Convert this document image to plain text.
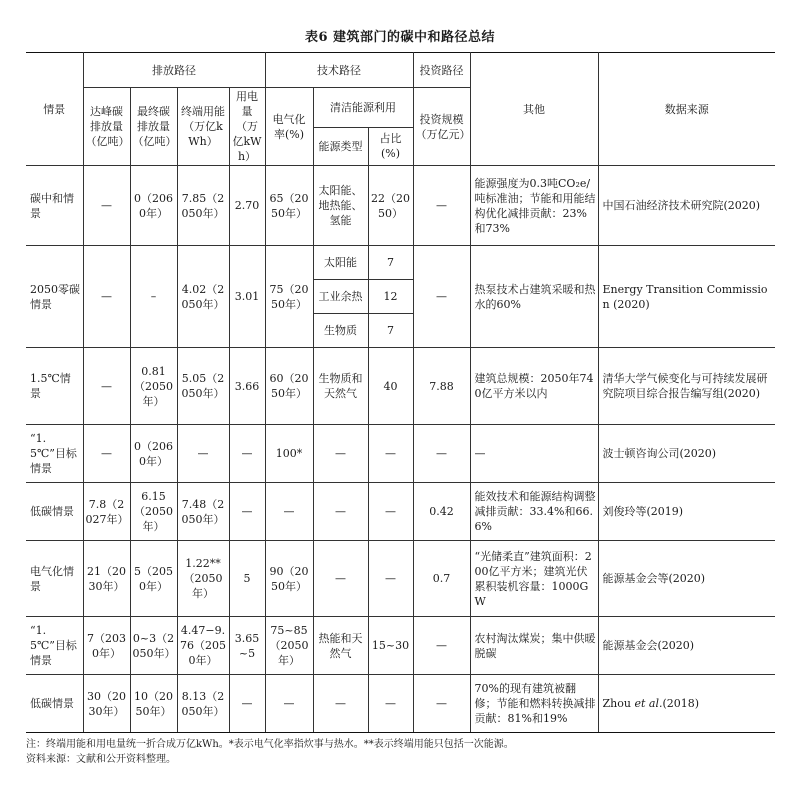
表6 建筑部门的碳中和路径总结
情景	排放路径				技术路径			投资路径	其他	数据来源
	达峰碳排放量（亿吨）	最终碳排放量（亿吨）	终端用能（万亿kWh）	用电量（万亿kWh）	电气化率(%)	清洁能源利用		投资规模（万亿元）		
						能源类型	占比(%)			
碳中和情景	—	0（2060年）	7.85（2050年）	2.70	65（2050年）	太阳能、地热能、氢能	22（2050）	—	能源强度为0.3吨CO₂e/吨标准油；节能和用能结构优化减排贡献：23%和73%	中国石油经济技术研究院(2020)
2050零碳情景	—	–	4.02（2050年）	3.01	75（2050年）	太阳能	7	—	热泵技术占建筑采暖和热水的60%	Energy Transition Commission (2020)
						工业余热	12			
						生物质	7			
1.5℃情景	—	0.81（2050年）	5.05（2050年）	3.66	60（2050年）	生物质和天然气	40	7.88	建筑总规模：2050年740亿平方米以内	清华大学气候变化与可持续发展研究院项目综合报告编写组(2020)
“1.5℃”目标情景	—	0（2060年）	—	—	100*	—	—	—	—	波士顿咨询公司(2020)
低碳情景	7.8（2027年）	6.15（2050年）	7.48（2050年）	—	—	—	—	0.42	能效技术和能源结构调整减排贡献：33.4%和66.6%	刘俊玲等(2019)
电气化情景	21（2030年）	5（2050年）	1.22**（2050年）	5	90（2050年）	—	—	0.7	“光储柔直”建筑面积：200亿平方米；建筑光伏累积装机容量：1000GW	能源基金会等(2020)
“1.5℃”目标情景	7（2030年）	0~3（2050年）	4.47−9.76（2050年）	3.65~5	75~85（2050年）	热能和天然气	15~30	—	农村淘汰煤炭；集中供暖脱碳	能源基金会(2020)
低碳情景	30（2030年）	10（2050年）	8.13（2050年）	—	—	—	—	—	70%的现有建筑被翻修；节能和燃料转换减排贡献：81%和19%	Zhou et al.(2018)
注：终端用能和用电量统一折合成万亿kWh。*表示电气化率指炊事与热水。**表示终端用能只包括一次能源。
资料来源：文献和公开资料整理。
